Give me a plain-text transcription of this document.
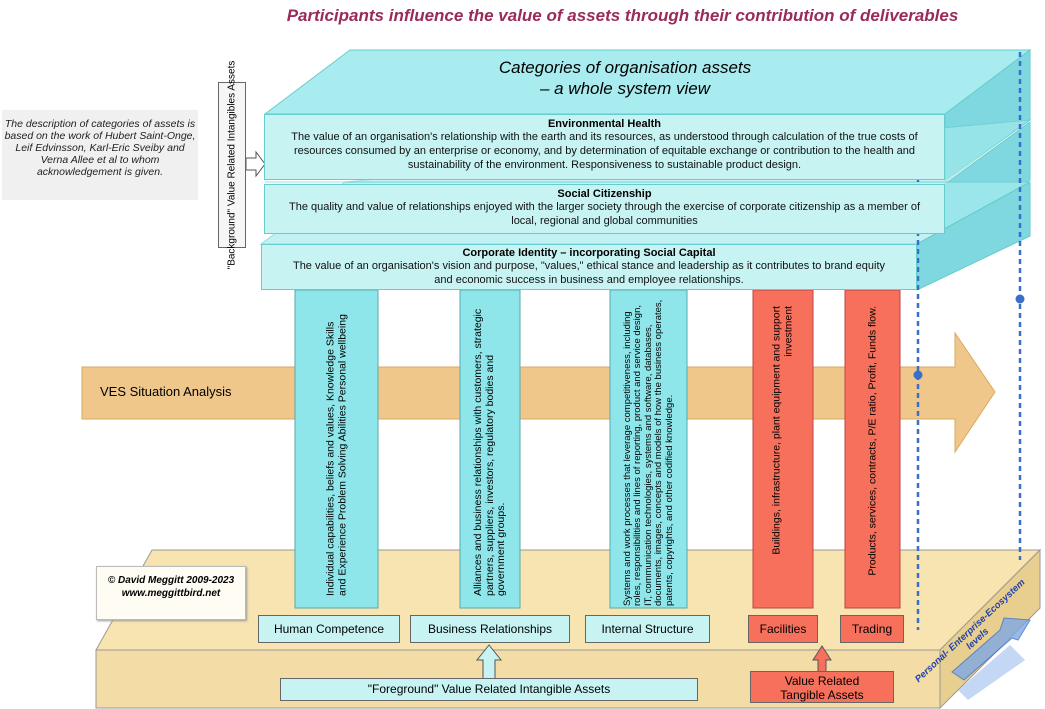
Participants influence the value of assets through their contribution of deliverables
The description of categories of assets is based on the work of Hubert Saint-Onge, Leif Edvinsson, Karl-Eric Sveiby and Verna Allee et al to whom acknowledgement is given.
Categories of organisation assets
– a whole system view
Environmental Health
The value of an organisation's relationship with the earth and its resources, as understood through calculation of the true costs of resources consumed by an enterprise or economy, and by determination of equitable exchange or contribution to the health and sustainability of the environment. Responsiveness to sustainable product design.
Social Citizenship
The quality and value of relationships enjoyed with the larger society through the exercise of corporate citizenship as a member of local, regional and global communities
Corporate Identity – incorporating Social Capital
The value of an organisation's vision and purpose, "values," ethical stance and leadership as it contributes to brand equity and economic success in business and employee relationships.
"Background" Value Related Intangibles Assets
VES Situation Analysis	Individual capabilities, beliefs and values, Knowledge Skills and Experience Problem Solving Abilities Personal wellbeing	Alliances and business relationships with customers, strategic partners, suppliers, investors, regulatory bodies and government groups.	Systems and work processes that leverage competitiveness, including roles, responsibilities and lines of reporting, product and service design, IT, communication technologies, systems and software, databases, documents, images, concepts and models of how the business operates, patents, copyrights, and other codified knowledge.	Buildings, infrastructure, plant equipment and support investment	Products, services, contracts, P/E ratio, Profit, Funds flow.
Human Competence	Business Relationships	Internal Structure	Facilities	Trading
"Foreground" Value Related Intangible Assets
Value Related Tangible Assets
Personal- Enterprise-Ecosystem levels
© David Meggitt 2009-2023
www.meggittbird.net
